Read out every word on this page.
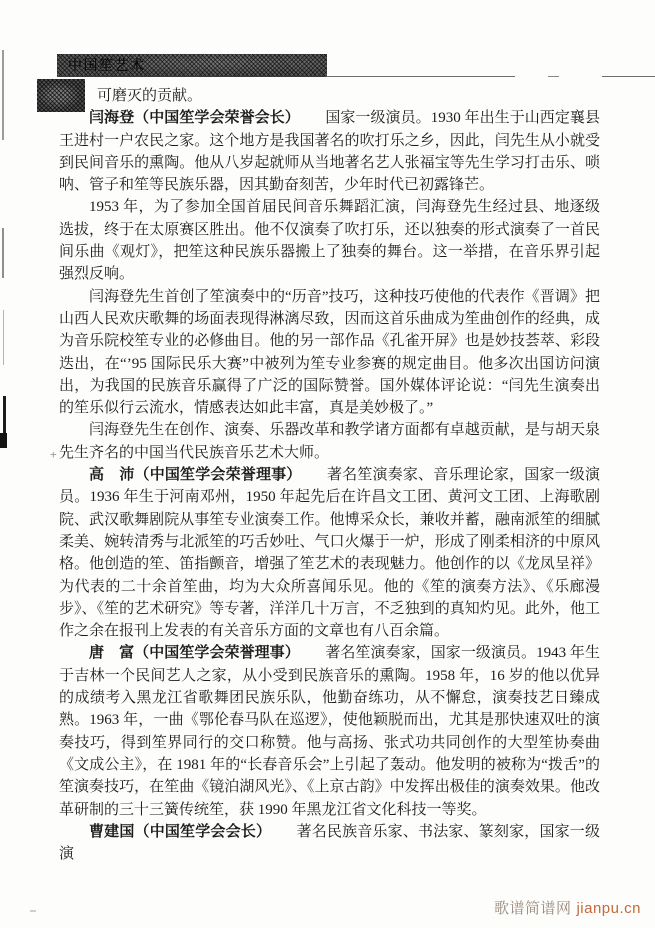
中国笙艺术
+

可磨灭的贡献。

闫海登（中国笙学会荣誉会长） 国家一级演员。1930 年出生于山西定襄县王进村一户农民之家。这个地方是我国著名的吹打乐之乡，因此，闫先生从小就受到民间音乐的熏陶。他从八岁起就师从当地著名艺人张福宝等先生学习打击乐、唢呐、管子和笙等民族乐器，因其勤奋刻苦，少年时代已初露锋芒。

1953 年，为了参加全国首届民间音乐舞蹈汇演，闫海登先生经过县、地逐级选拔，终于在太原赛区胜出。他不仅演奏了吹打乐，还以独奏的形式演奏了一首民间乐曲《观灯》，把笙这种民族乐器搬上了独奏的舞台。这一举措，在音乐界引起强烈反响。

闫海登先生首创了笙演奏中的“历音”技巧，这种技巧使他的代表作《晋调》把山西人民欢庆歌舞的场面表现得淋漓尽致，因而这首乐曲成为笙曲创作的经典，成为音乐院校笙专业的必修曲目。他的另一部作品《孔雀开屏》也是妙技荟萃、彩段迭出，在“’95 国际民乐大赛”中被列为笙专业参赛的规定曲目。他多次出国访问演出，为我国的民族音乐赢得了广泛的国际赞誉。国外媒体评论说：“闫先生演奏出的笙乐似行云流水，情感表达如此丰富，真是美妙极了。”

闫海登先生在创作、演奏、乐器改革和教学诸方面都有卓越贡献，是与胡天泉先生齐名的中国当代民族音乐艺术大师。

高　沛（中国笙学会荣誉理事） 著名笙演奏家、音乐理论家，国家一级演员。1936 年生于河南邓州，1950 年起先后在许昌文工团、黄河文工团、上海歌剧院、武汉歌舞剧院从事笙专业演奏工作。他博采众长，兼收并蓄，融南派笙的细腻柔美、婉转清秀与北派笙的巧舌妙吐、气口火爆于一炉，形成了刚柔相济的中原风格。他创造的笙、笛指颤音，增强了笙艺术的表现魅力。他创作的以《龙凤呈祥》为代表的二十余首笙曲，均为大众所喜闻乐见。他的《笙的演奏方法》、《乐廊漫步》、《笙的艺术研究》等专著，洋洋几十万言，不乏独到的真知灼见。此外，他工作之余在报刊上发表的有关音乐方面的文章也有八百余篇。

唐　富（中国笙学会荣誉理事） 著名笙演奏家，国家一级演员。1943 年生于吉林一个民间艺人之家，从小受到民族音乐的熏陶。1958 年，16 岁的他以优异的成绩考入黑龙江省歌舞团民族乐队，他勤奋练功，从不懈怠，演奏技艺日臻成熟。1963 年，一曲《鄂伦春马队在巡逻》，使他颖脱而出，尤其是那快速双吐的演奏技巧，得到笙界同行的交口称赞。他与高扬、张式功共同创作的大型笙协奏曲《文成公主》，在 1981 年的“长春音乐会”上引起了轰动。他发明的被称为“拨舌”的笙演奏技巧，在笙曲《镜泊湖风光》、《上京古韵》中发挥出极佳的演奏效果。他改革研制的三十三簧传统笙，获 1990 年黑龙江省文化科技一等奖。

曹建国（中国笙学会会长） 著名民族音乐家、书法家、篆刻家，国家一级演

歌谱简谱网 jianpu.cn
